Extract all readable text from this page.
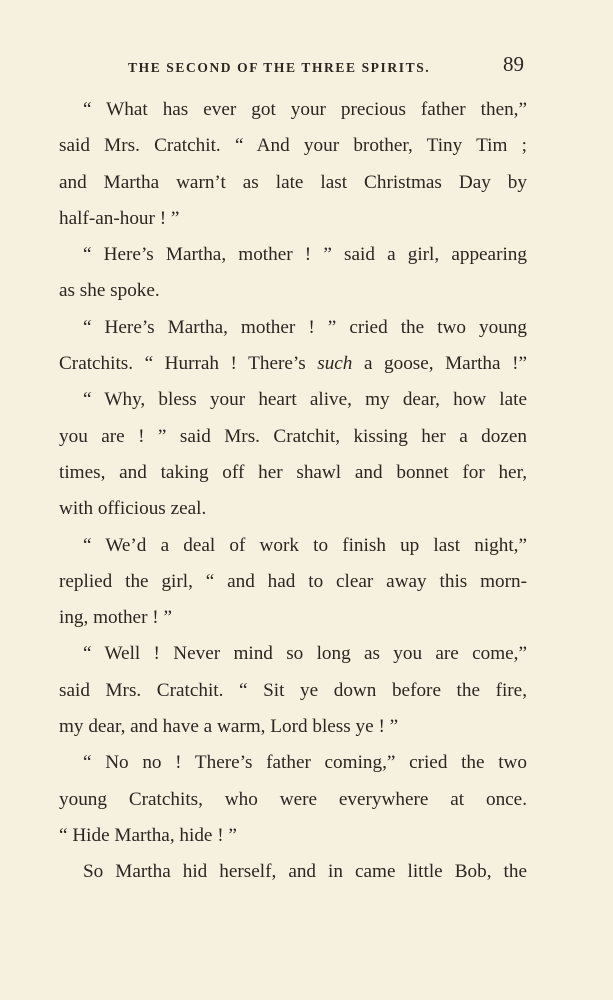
THE SECOND OF THE THREE SPIRITS.	89

“ What has ever got your precious father then,”
said Mrs. Cratchit. “ And your brother, Tiny Tim ;
and Martha warn’t as late last Christmas Day by
half-an-hour ! ”

“ Here’s Martha, mother ! ” said a girl, appearing
as she spoke.

“ Here’s Martha, mother ! ” cried the two young
Cratchits. “ Hurrah ! There’s such a goose, Martha !”

“ Why, bless your heart alive, my dear, how late
you are ! ” said Mrs. Cratchit, kissing her a dozen
times, and taking off her shawl and bonnet for her,
with officious zeal.

“ We’d a deal of work to finish up last night,”
replied the girl, “ and had to clear away this morn-
ing, mother ! ”

“ Well ! Never mind so long as you are come,”
said Mrs. Cratchit. “ Sit ye down before the fire,
my dear, and have a warm, Lord bless ye ! ”

“ No no ! There’s father coming,” cried the two
young Cratchits, who were everywhere at once.
“ Hide Martha, hide ! ”

So Martha hid herself, and in came little Bob, the
